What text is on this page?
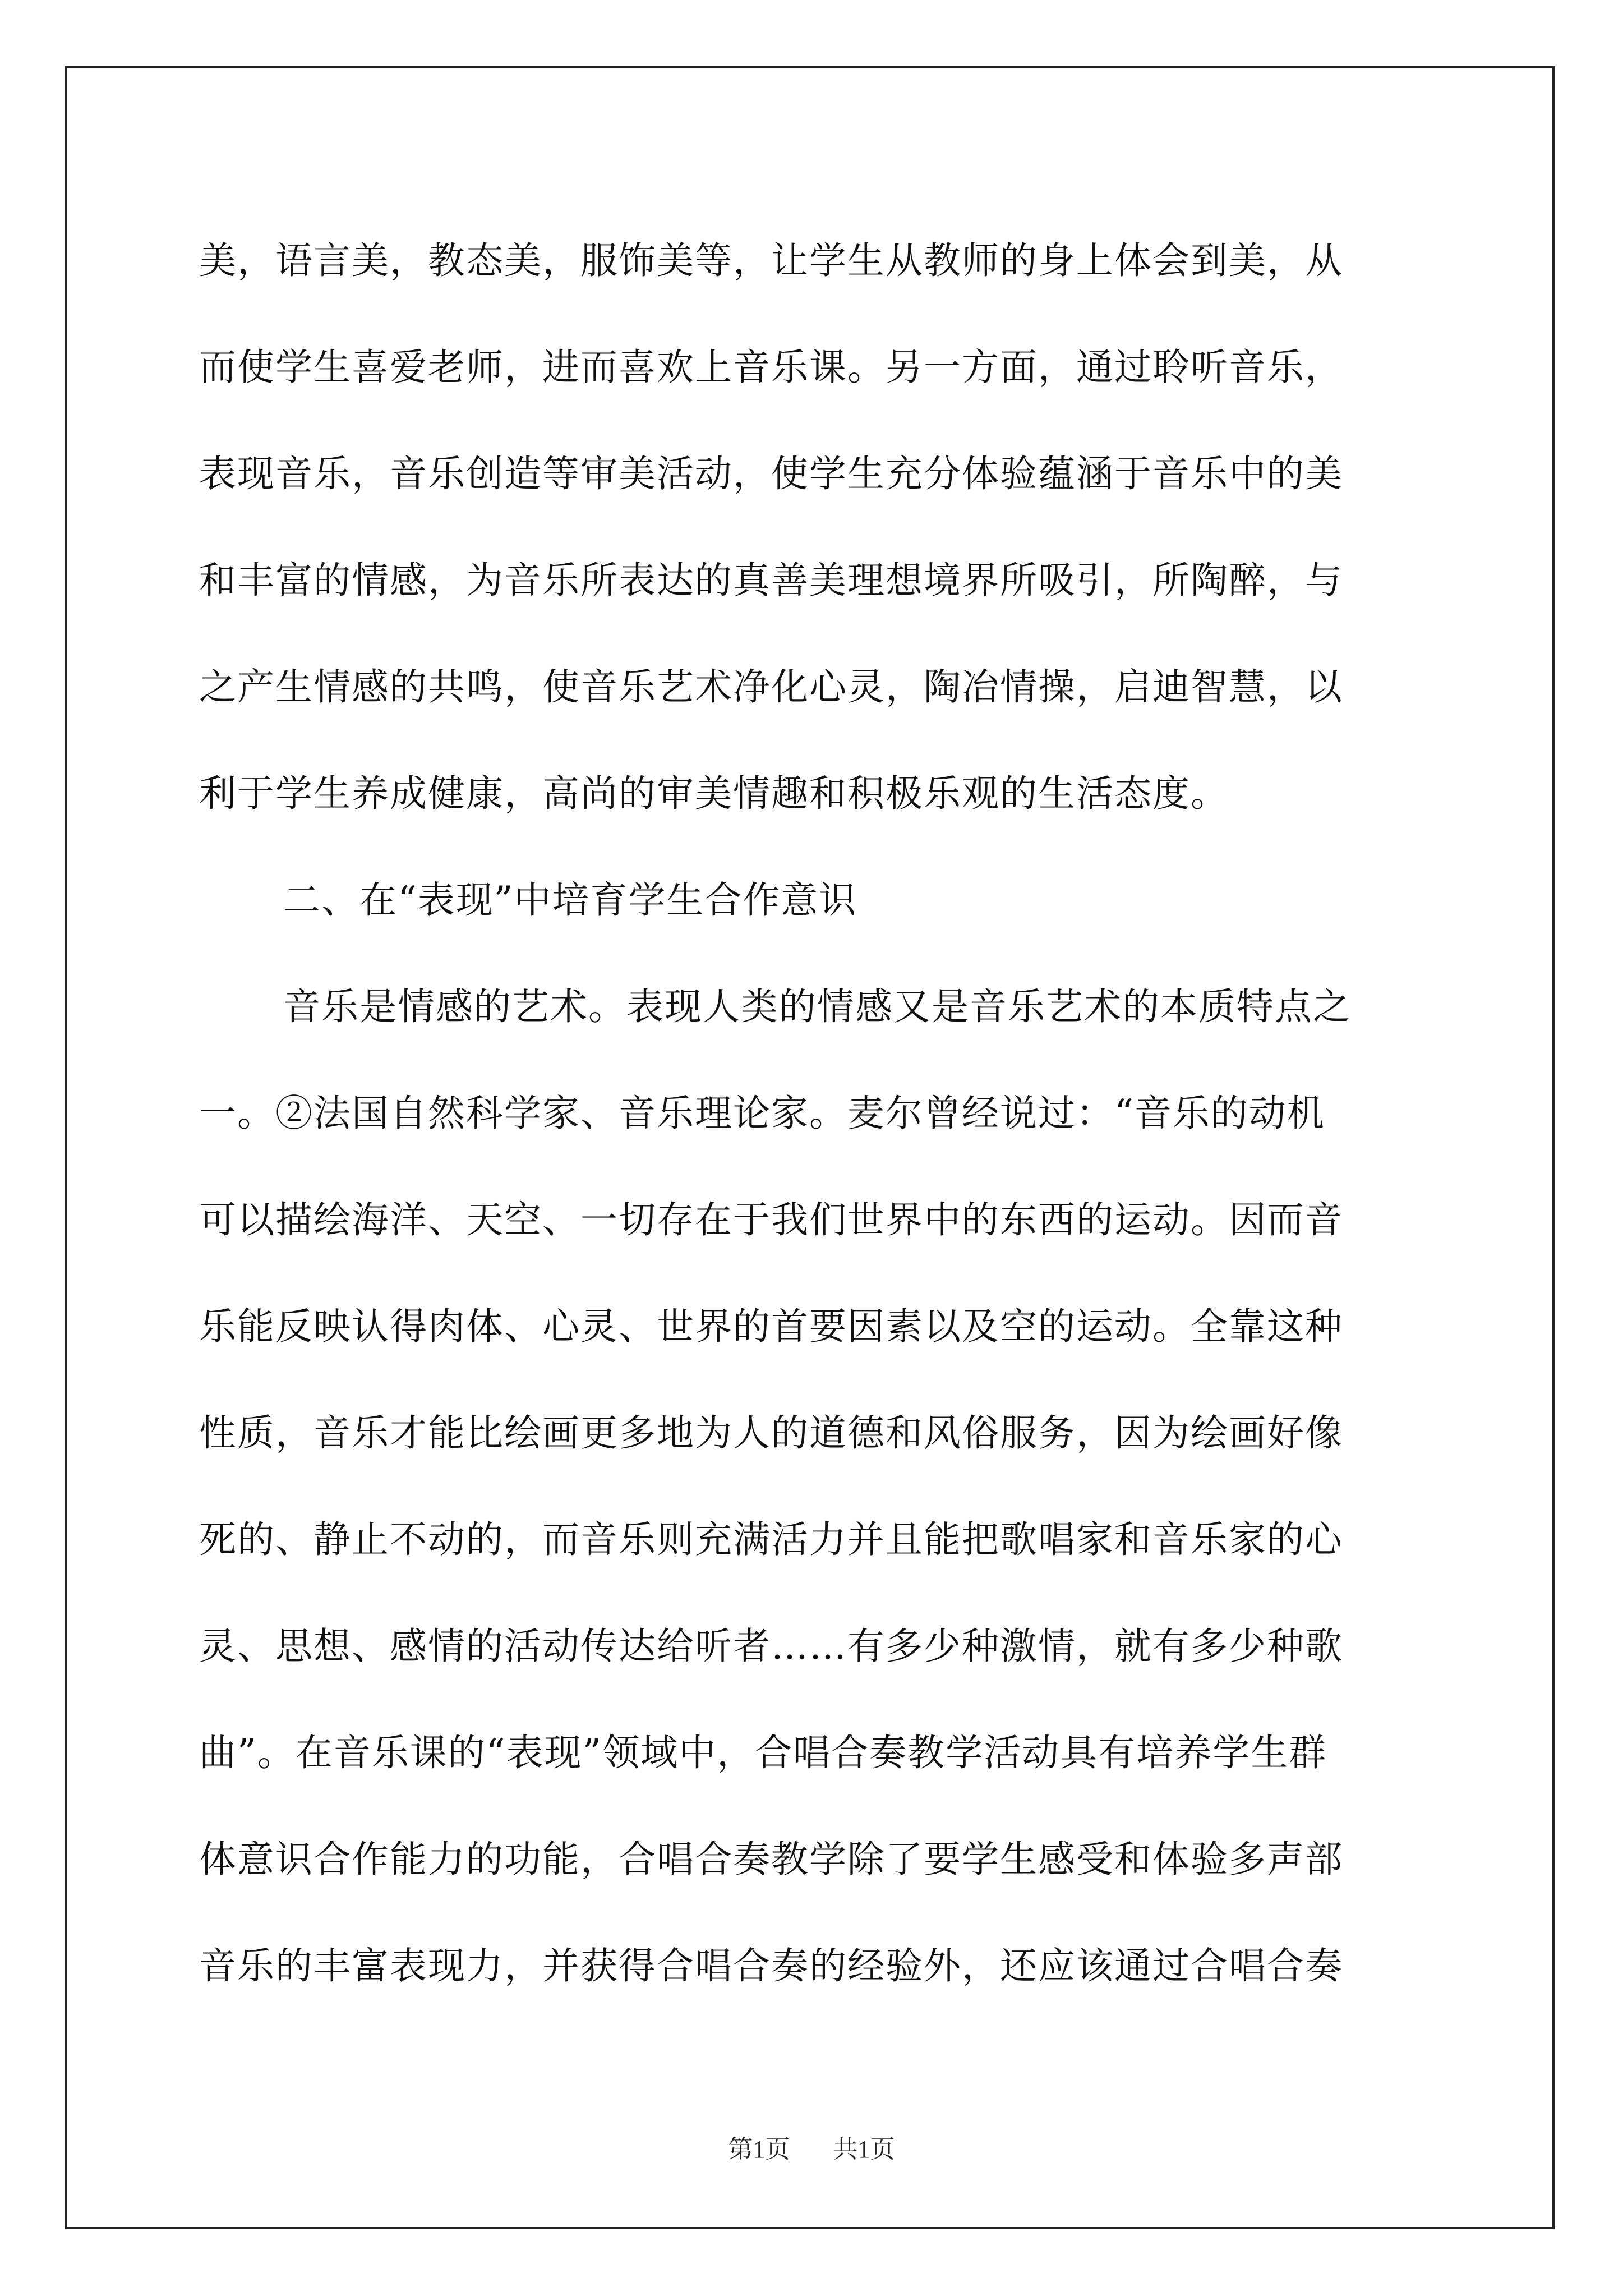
美，语言美，教态美，服饰美等，让学生从教师的身上体会到美，从
而使学生喜爱老师，进而喜欢上音乐课。另一方面，通过聆听音乐，
表现音乐，音乐创造等审美活动，使学生充分体验蕴涵于音乐中的美
和丰富的情感，为音乐所表达的真善美理想境界所吸引，所陶醉，与
之产生情感的共鸣，使音乐艺术净化心灵，陶冶情操，启迪智慧，以
利于学生养成健康，高尚的审美情趣和积极乐观的生活态度。
二、在“表现”中培育学生合作意识
音乐是情感的艺术。表现人类的情感又是音乐艺术的本质特点之
一。②法国自然科学家、音乐理论家。麦尔曾经说过：“音乐的动机
可以描绘海洋、天空、一切存在于我们世界中的东西的运动。因而音
乐能反映认得肉体、心灵、世界的首要因素以及空的运动。全靠这种
性质，音乐才能比绘画更多地为人的道德和风俗服务，因为绘画好像
死的、静止不动的，而音乐则充满活力并且能把歌唱家和音乐家的心
灵、思想、感情的活动传达给听者……有多少种激情，就有多少种歌
曲”。在音乐课的“表现”领域中，合唱合奏教学活动具有培养学生群
体意识合作能力的功能，合唱合奏教学除了要学生感受和体验多声部
音乐的丰富表现力，并获得合唱合奏的经验外，还应该通过合唱合奏
第1页 共1页
